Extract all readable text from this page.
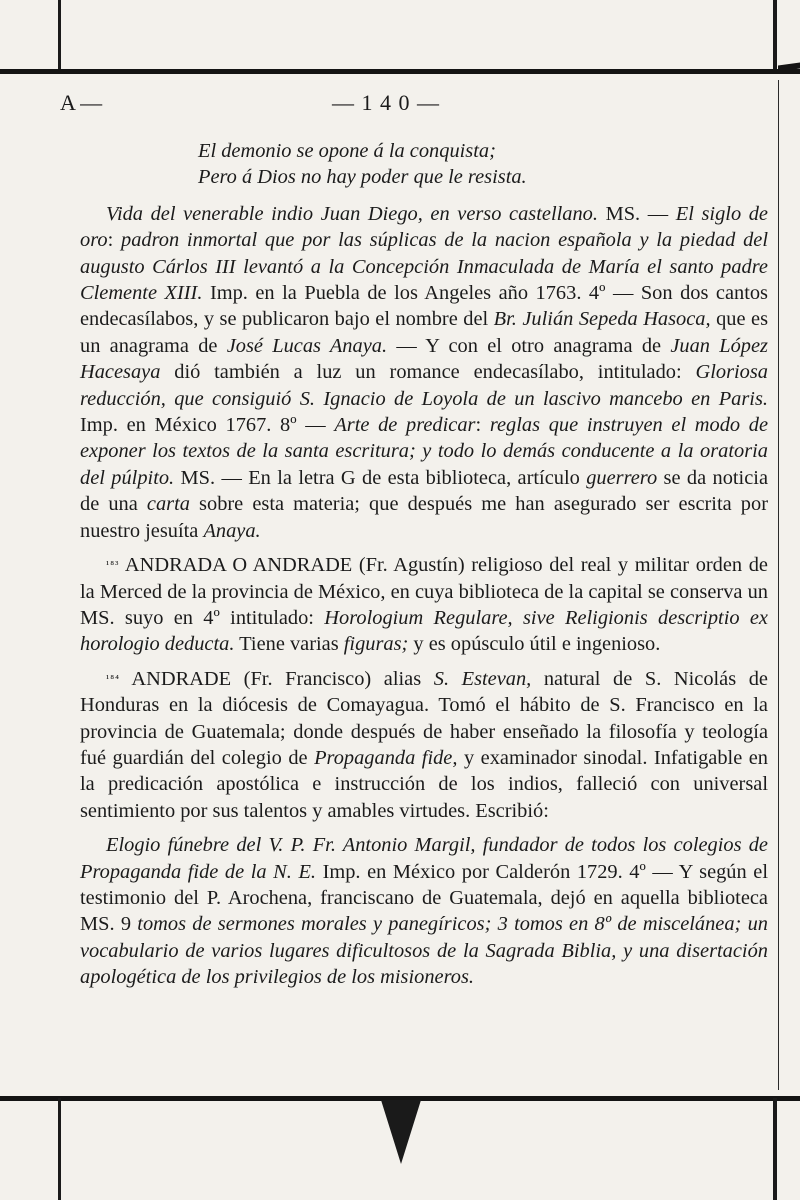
A —	— 1 4 0 —
El demonio se opone á la conquista;
Pero á Dios no hay poder que le resista.

Vida del venerable indio Juan Diego, en verso castellano. MS. — El siglo de oro: padron inmortal que por las súplicas de la nacion española y la piedad del augusto Cárlos III levantó a la Concepción Inmaculada de María el santo padre Clemente XIII. Imp. en la Puebla de los Angeles año 1763. 4º — Son dos cantos endecasílabos, y se publicaron bajo el nombre del Br. Julián Sepeda Hasoca, que es un anagrama de José Lucas Anaya. — Y con el otro anagrama de Juan López Hacesaya dió también a luz un romance endecasílabo, intitulado: Gloriosa reducción, que consiguió S. Ignacio de Loyola de un lascivo mancebo en Paris. Imp. en México 1767. 8º — Arte de predicar: reglas que instruyen el modo de exponer los textos de la santa escritura; y todo lo demás conducente a la oratoria del púlpito. MS. — En la letra G de esta biblioteca, artículo guerrero se da noticia de una carta sobre esta materia; que después me han asegurado ser escrita por nuestro jesuíta Anaya.

$^{^{183}}$ ANDRADA O ANDRADE (Fr. Agustín) religioso del real y militar orden de la Merced de la provincia de México, en cuya biblioteca de la capital se conserva un MS. suyo en 4º intitulado: Horologium Regulare, sive Religionis descriptio ex horologio deducta. Tiene varias figuras; y es opúsculo útil e ingenioso.

$^{^{184}}$ ANDRADE (Fr. Francisco) alias S. Estevan, natural de S. Nicolás de Honduras en la diócesis de Comayagua. Tomó el hábito de S. Francisco en la provincia de Guatemala; donde después de haber enseñado la filosofía y teología fué guardián del colegio de Propaganda fide, y examinador sinodal. Infatigable en la predicación apostólica e instrucción de los indios, falleció con universal sentimiento por sus talentos y amables virtudes. Escribió:

Elogio fúnebre del V. P. Fr. Antonio Margil, fundador de todos los colegios de Propaganda fide de la N. E. Imp. en México por Calderón 1729. 4º — Y según el testimonio del P. Arochena, franciscano de Guatemala, dejó en aquella biblioteca MS. 9 tomos de sermones morales y panegíricos; 3 tomos en 8º de miscelánea; un vocabulario de varios lugares dificultosos de la Sagrada Biblia, y una disertación apologética de los privilegios de los misioneros.
